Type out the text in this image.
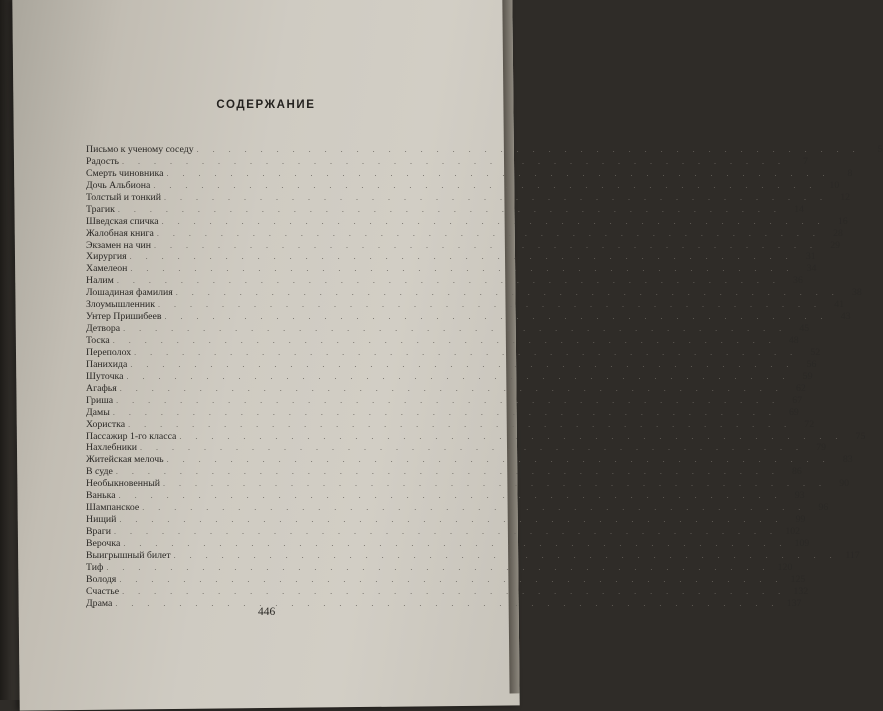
СОДЕРЖАНИЕ
Письмо к ученому соседу . . . . . . . . . . . . . . . . . . . . . . . . . . . . . . . . . . . . . . . . . .	5
Радость . . . . . . . . . . . . . . . . . . . . . . . . . . . . . . . . . . . . . . . . . .	7
Смерть чиновника . . . . . . . . . . . . . . . . . . . . . . . . . . . . . . . . . . . . . . . . . .	8
Дочь Альбиона . . . . . . . . . . . . . . . . . . . . . . . . . . . . . . . . . . . . . . . . . .	10
Толстый и тонкий . . . . . . . . . . . . . . . . . . . . . . . . . . . . . . . . . . . . . . . . . .	12
Трагик . . . . . . . . . . . . . . . . . . . . . . . . . . . . . . . . . . . . . . . . . .	14
Шведская спичка . . . . . . . . . . . . . . . . . . . . . . . . . . . . . . . . . . . . . . . . . .	16
Жалобная книга . . . . . . . . . . . . . . . . . . . . . . . . . . . . . . . . . . . . . . . . . .	28
Экзамен на чин . . . . . . . . . . . . . . . . . . . . . . . . . . . . . . . . . . . . . . . . . .	29
Хирургия . . . . . . . . . . . . . . . . . . . . . . . . . . . . . . . . . . . . . . . . . .	31
Хамелеон . . . . . . . . . . . . . . . . . . . . . . . . . . . . . . . . . . . . . . . . . .	34
Налим . . . . . . . . . . . . . . . . . . . . . . . . . . . . . . . . . . . . . . . . . .	36
Лошадиная фамилия . . . . . . . . . . . . . . . . . . . . . . . . . . . . . . . . . . . . . . . . . .	38
Злоумышленник . . . . . . . . . . . . . . . . . . . . . . . . . . . . . . . . . . . . . . . . . .	41
Унтер Пришибеев . . . . . . . . . . . . . . . . . . . . . . . . . . . . . . . . . . . . . . . . . .	43
Детвора . . . . . . . . . . . . . . . . . . . . . . . . . . . . . . . . . . . . . . . . . .	45
Тоска . . . . . . . . . . . . . . . . . . . . . . . . . . . . . . . . . . . . . . . . . .	48
Переполох . . . . . . . . . . . . . . . . . . . . . . . . . . . . . . . . . . . . . . . . . .	52
Панихида . . . . . . . . . . . . . . . . . . . . . . . . . . . . . . . . . . . . . . . . . .	56
Шуточка . . . . . . . . . . . . . . . . . . . . . . . . . . . . . . . . . . . . . . . . . .	59
Агафья . . . . . . . . . . . . . . . . . . . . . . . . . . . . . . . . . . . . . . . . . .	62
Гриша . . . . . . . . . . . . . . . . . . . . . . . . . . . . . . . . . . . . . . . . . .	67
Дамы . . . . . . . . . . . . . . . . . . . . . . . . . . . . . . . . . . . . . . . . . .	69
Хористка . . . . . . . . . . . . . . . . . . . . . . . . . . . . . . . . . . . . . . . . . .	72
Пассажир 1-го класса . . . . . . . . . . . . . . . . . . . . . . . . . . . . . . . . . . . . . . . . . .	75
Нахлебники . . . . . . . . . . . . . . . . . . . . . . . . . . . . . . . . . . . . . . . . . .	79
Житейская мелочь . . . . . . . . . . . . . . . . . . . . . . . . . . . . . . . . . . . . . . . . . .	83
В суде . . . . . . . . . . . . . . . . . . . . . . . . . . . . . . . . . . . . . . . . . .	86
Необыкновенный . . . . . . . . . . . . . . . . . . . . . . . . . . . . . . . . . . . . . . . . . .	90
Ванька . . . . . . . . . . . . . . . . . . . . . . . . . . . . . . . . . . . . . . . . . .	93
Шампанское . . . . . . . . . . . . . . . . . . . . . . . . . . . . . . . . . . . . . . . . . .	96
Нищий . . . . . . . . . . . . . . . . . . . . . . . . . . . . . . . . . . . . . . . . . .	99
Враги . . . . . . . . . . . . . . . . . . . . . . . . . . . . . . . . . . . . . . . . . . 102
Верочка . . . . . . . . . . . . . . . . . . . . . . . . . . . . . . . . . . . . . . . . . . 109
Выигрышный билет . . . . . . . . . . . . . . . . . . . . . . . . . . . . . . . . . . . . . . . . . . 117
Тиф . . . . . . . . . . . . . . . . . . . . . . . . . . . . . . . . . . . . . . . . . . 120
Володя . . . . . . . . . . . . . . . . . . . . . . . . . . . . . . . . . . . . . . . . . . 125
Счастье . . . . . . . . . . . . . . . . . . . . . . . . . . . . . . . . . . . . . . . . . . 132
Драма . . . . . . . . . . . . . . . . . . . . . . . . . . . . . . . . . . . . . . . . . . 137
446
